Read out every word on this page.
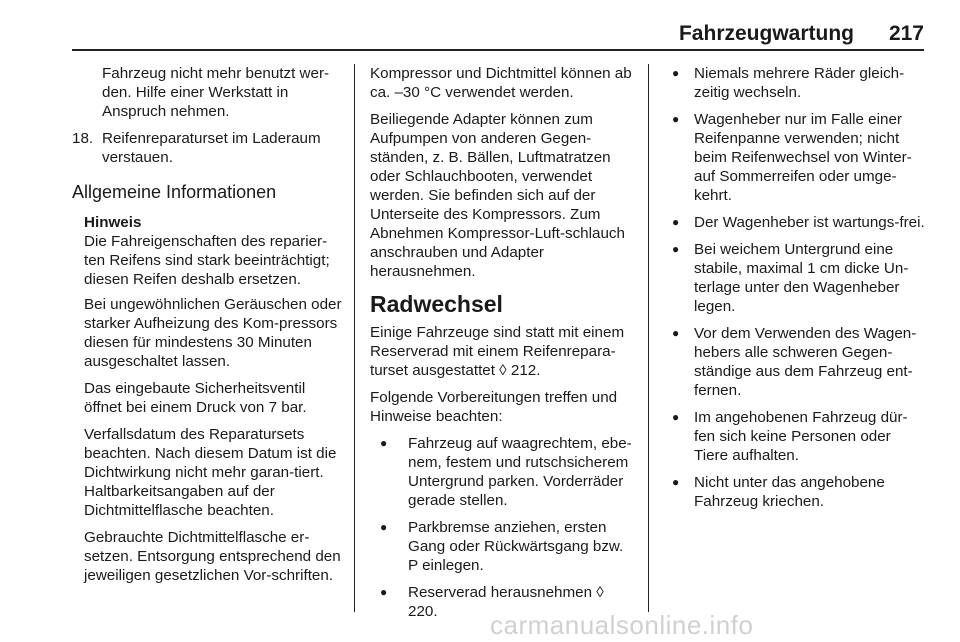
Fahrzeugwartung 217
Fahrzeug nicht mehr benutzt wer-den. Hilfe einer Werkstatt in Anspruch nehmen.
18. Reifenreparaturset im Laderaum verstauen.
Allgemeine Informationen
Hinweis
Die Fahreigenschaften des reparier-ten Reifens sind stark beeinträchtigt; diesen Reifen deshalb ersetzen.
Bei ungewöhnlichen Geräuschen oder starker Aufheizung des Kom-pressors diesen für mindestens 30 Minuten ausgeschaltet lassen.
Das eingebaute Sicherheitsventil öffnet bei einem Druck von 7 bar.
Verfallsdatum des Reparatursets beachten. Nach diesem Datum ist die Dichtwirkung nicht mehr garan-tiert. Haltbarkeitsangaben auf der Dichtmittelflasche beachten.
Gebrauchte Dichtmittelflasche er-setzen. Entsorgung entsprechend den jeweiligen gesetzlichen Vor-schriften.
Kompressor und Dichtmittel können ab ca. –30 °C verwendet werden.
Beiliegende Adapter können zum Aufpumpen von anderen Gegen-ständen, z. B. Bällen, Luftmatratzen oder Schlauchbooten, verwendet werden. Sie befinden sich auf der Unterseite des Kompressors. Zum Abnehmen Kompressor-Luft-schlauch anschrauben und Adapter herausnehmen.
Radwechsel
Einige Fahrzeuge sind statt mit einem Reserverad mit einem Reifenrepara-turset ausgestattet ◊ 212.
Folgende Vorbereitungen treffen und Hinweise beachten:
●	Fahrzeug auf waagrechtem, ebe-nem, festem und rutschsicherem Untergrund parken. Vorderräder gerade stellen.
●	Parkbremse anziehen, ersten Gang oder Rückwärtsgang bzw. P einlegen.
●	Reserverad herausnehmen ◊ 220.
● Niemals mehrere Räder gleich-zeitig wechseln.
● Wagenheber nur im Falle einer Reifenpanne verwenden; nicht beim Reifenwechsel von Winter-auf Sommerreifen oder umge-kehrt.
● Der Wagenheber ist wartungs-frei.
● Bei weichem Untergrund eine stabile, maximal 1 cm dicke Un-terlage unter den Wagenheber legen.
● Vor dem Verwenden des Wagen-hebers alle schweren Gegen-ständige aus dem Fahrzeug ent-fernen.
● Im angehobenen Fahrzeug dür-fen sich keine Personen oder Tiere aufhalten.
● Nicht unter das angehobene Fahrzeug kriechen.
carmanualsonline.info
